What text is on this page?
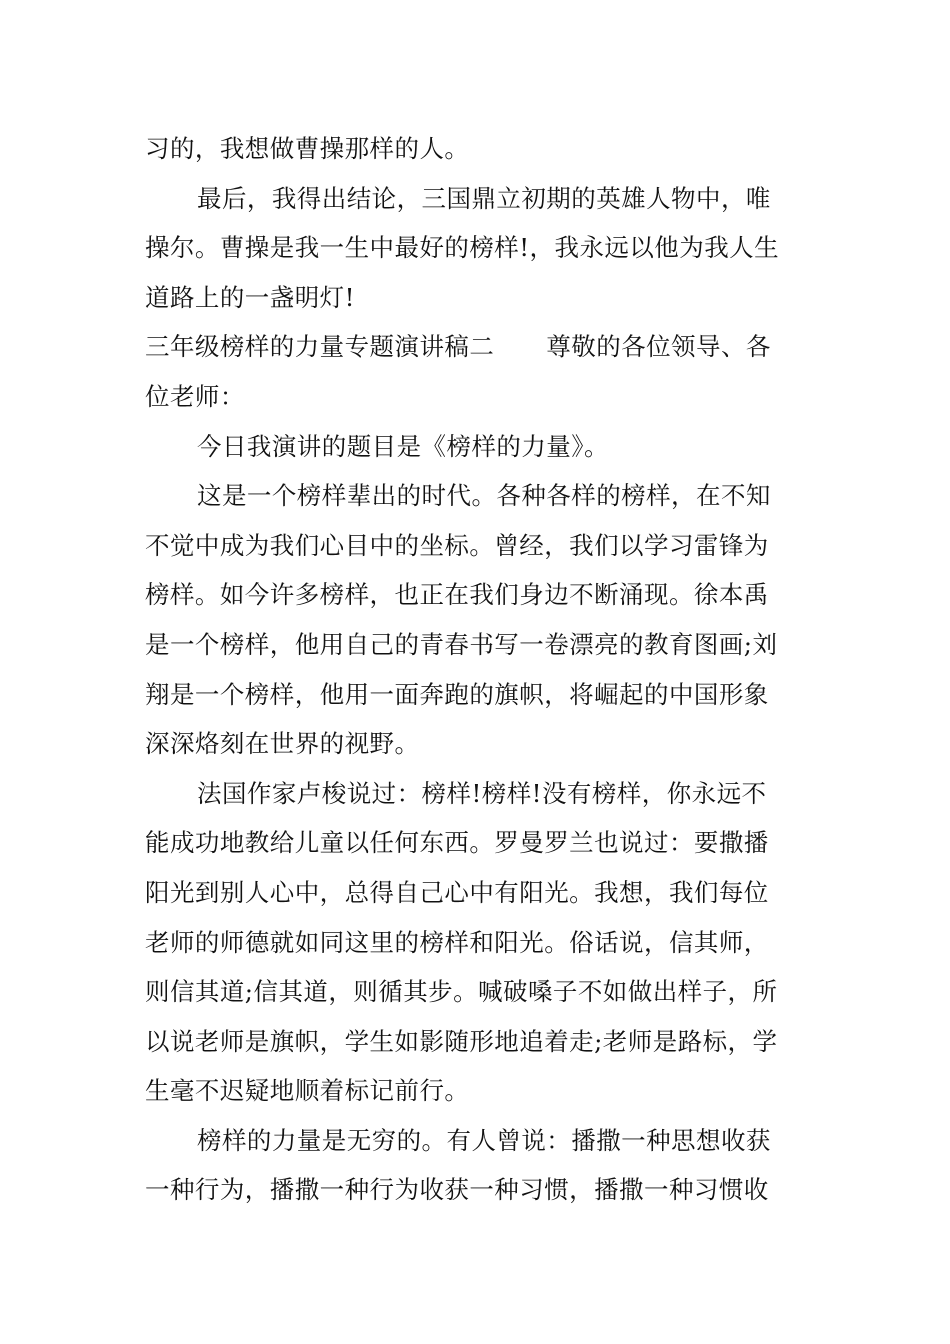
习的，我想做曹操那样的人。
最后，我得出结论，三国鼎立初期的英雄人物中，唯
操尔。曹操是我一生中最好的榜样!，我永远以他为我人生
道路上的一盏明灯!
三年级榜样的力量专题演讲稿二 尊敬的各位领导、各
位老师：
今日我演讲的题目是《榜样的力量》。
这是一个榜样辈出的时代。各种各样的榜样，在不知
不觉中成为我们心目中的坐标。曾经，我们以学习雷锋为
榜样。如今许多榜样，也正在我们身边不断涌现。徐本禹
是一个榜样，他用自己的青春书写一卷漂亮的教育图画;刘
翔是一个榜样，他用一面奔跑的旗帜，将崛起的中国形象
深深烙刻在世界的视野。
法国作家卢梭说过：榜样!榜样!没有榜样，你永远不
能成功地教给儿童以任何东西。罗曼罗兰也说过：要撒播
阳光到别人心中，总得自己心中有阳光。我想，我们每位
老师的师德就如同这里的榜样和阳光。俗话说，信其师，
则信其道;信其道，则循其步。喊破嗓子不如做出样子，所
以说老师是旗帜，学生如影随形地追着走;老师是路标，学
生毫不迟疑地顺着标记前行。
榜样的力量是无穷的。有人曾说：播撒一种思想收获
一种行为，播撒一种行为收获一种习惯，播撒一种习惯收
